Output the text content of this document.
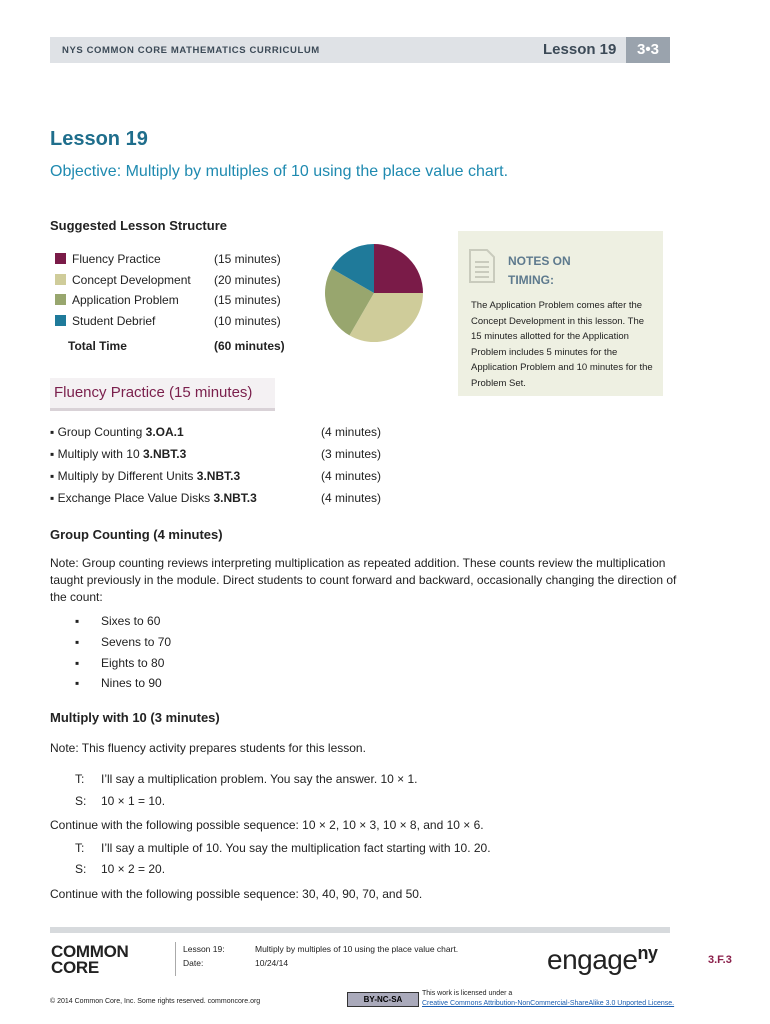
NYS COMMON CORE MATHEMATICS CURRICULUM	Lesson 19	3•3
Lesson 19
Objective: Multiply by multiples of 10 using the place value chart.
Suggested Lesson Structure
Fluency Practice	(15 minutes)
Concept Development (20 minutes)
Application Problem	(15 minutes)
Student Debrief	(10 minutes)
Total Time	(60 minutes)
NOTES ON
TIMING:
The Application Problem comes after the Concept Development in this lesson. The 15 minutes allotted for the Application Problem includes 5 minutes for the Application Problem and 10 minutes for the Problem Set.
Fluency Practice (15 minutes)
▪ Group Counting 3.OA.1	(4 minutes)
▪ Multiply with 10 3.NBT.3	(3 minutes)
▪ Multiply by Different Units 3.NBT.3	(4 minutes)
▪ Exchange Place Value Disks 3.NBT.3	(4 minutes)
Group Counting (4 minutes)
Note: Group counting reviews interpreting multiplication as repeated addition. These counts review the multiplication taught previously in the module. Direct students to count forward and backward, occasionally changing the direction of the count:
▪ Sixes to 60
▪ Sevens to 70
▪ Eights to 80
▪ Nines to 90
Multiply with 10 (3 minutes)
Note: This fluency activity prepares students for this lesson.
T: I’ll say a multiplication problem. You say the answer. 10 × 1.
S: 10 × 1 = 10.
Continue with the following possible sequence: 10 × 2, 10 × 3, 10 × 8, and 10 × 6.
T: I’ll say a multiple of 10. You say the multiplication fact starting with 10. 20.
S: 10 × 2 = 20.
Continue with the following possible sequence: 30, 40, 90, 70, and 50.
COMMON
CORE
Lesson 19:	Multiply by multiples of 10 using the place value chart.
Date:	10/24/14	engage$^{ny}$	3.F.3
BY-NC-SA
This work is licensed under a
Creative Commons Attribution-NonCommercial-ShareAlike 3.0 Unported License.
© 2014 Common Core, Inc. Some rights reserved. commoncore.org
